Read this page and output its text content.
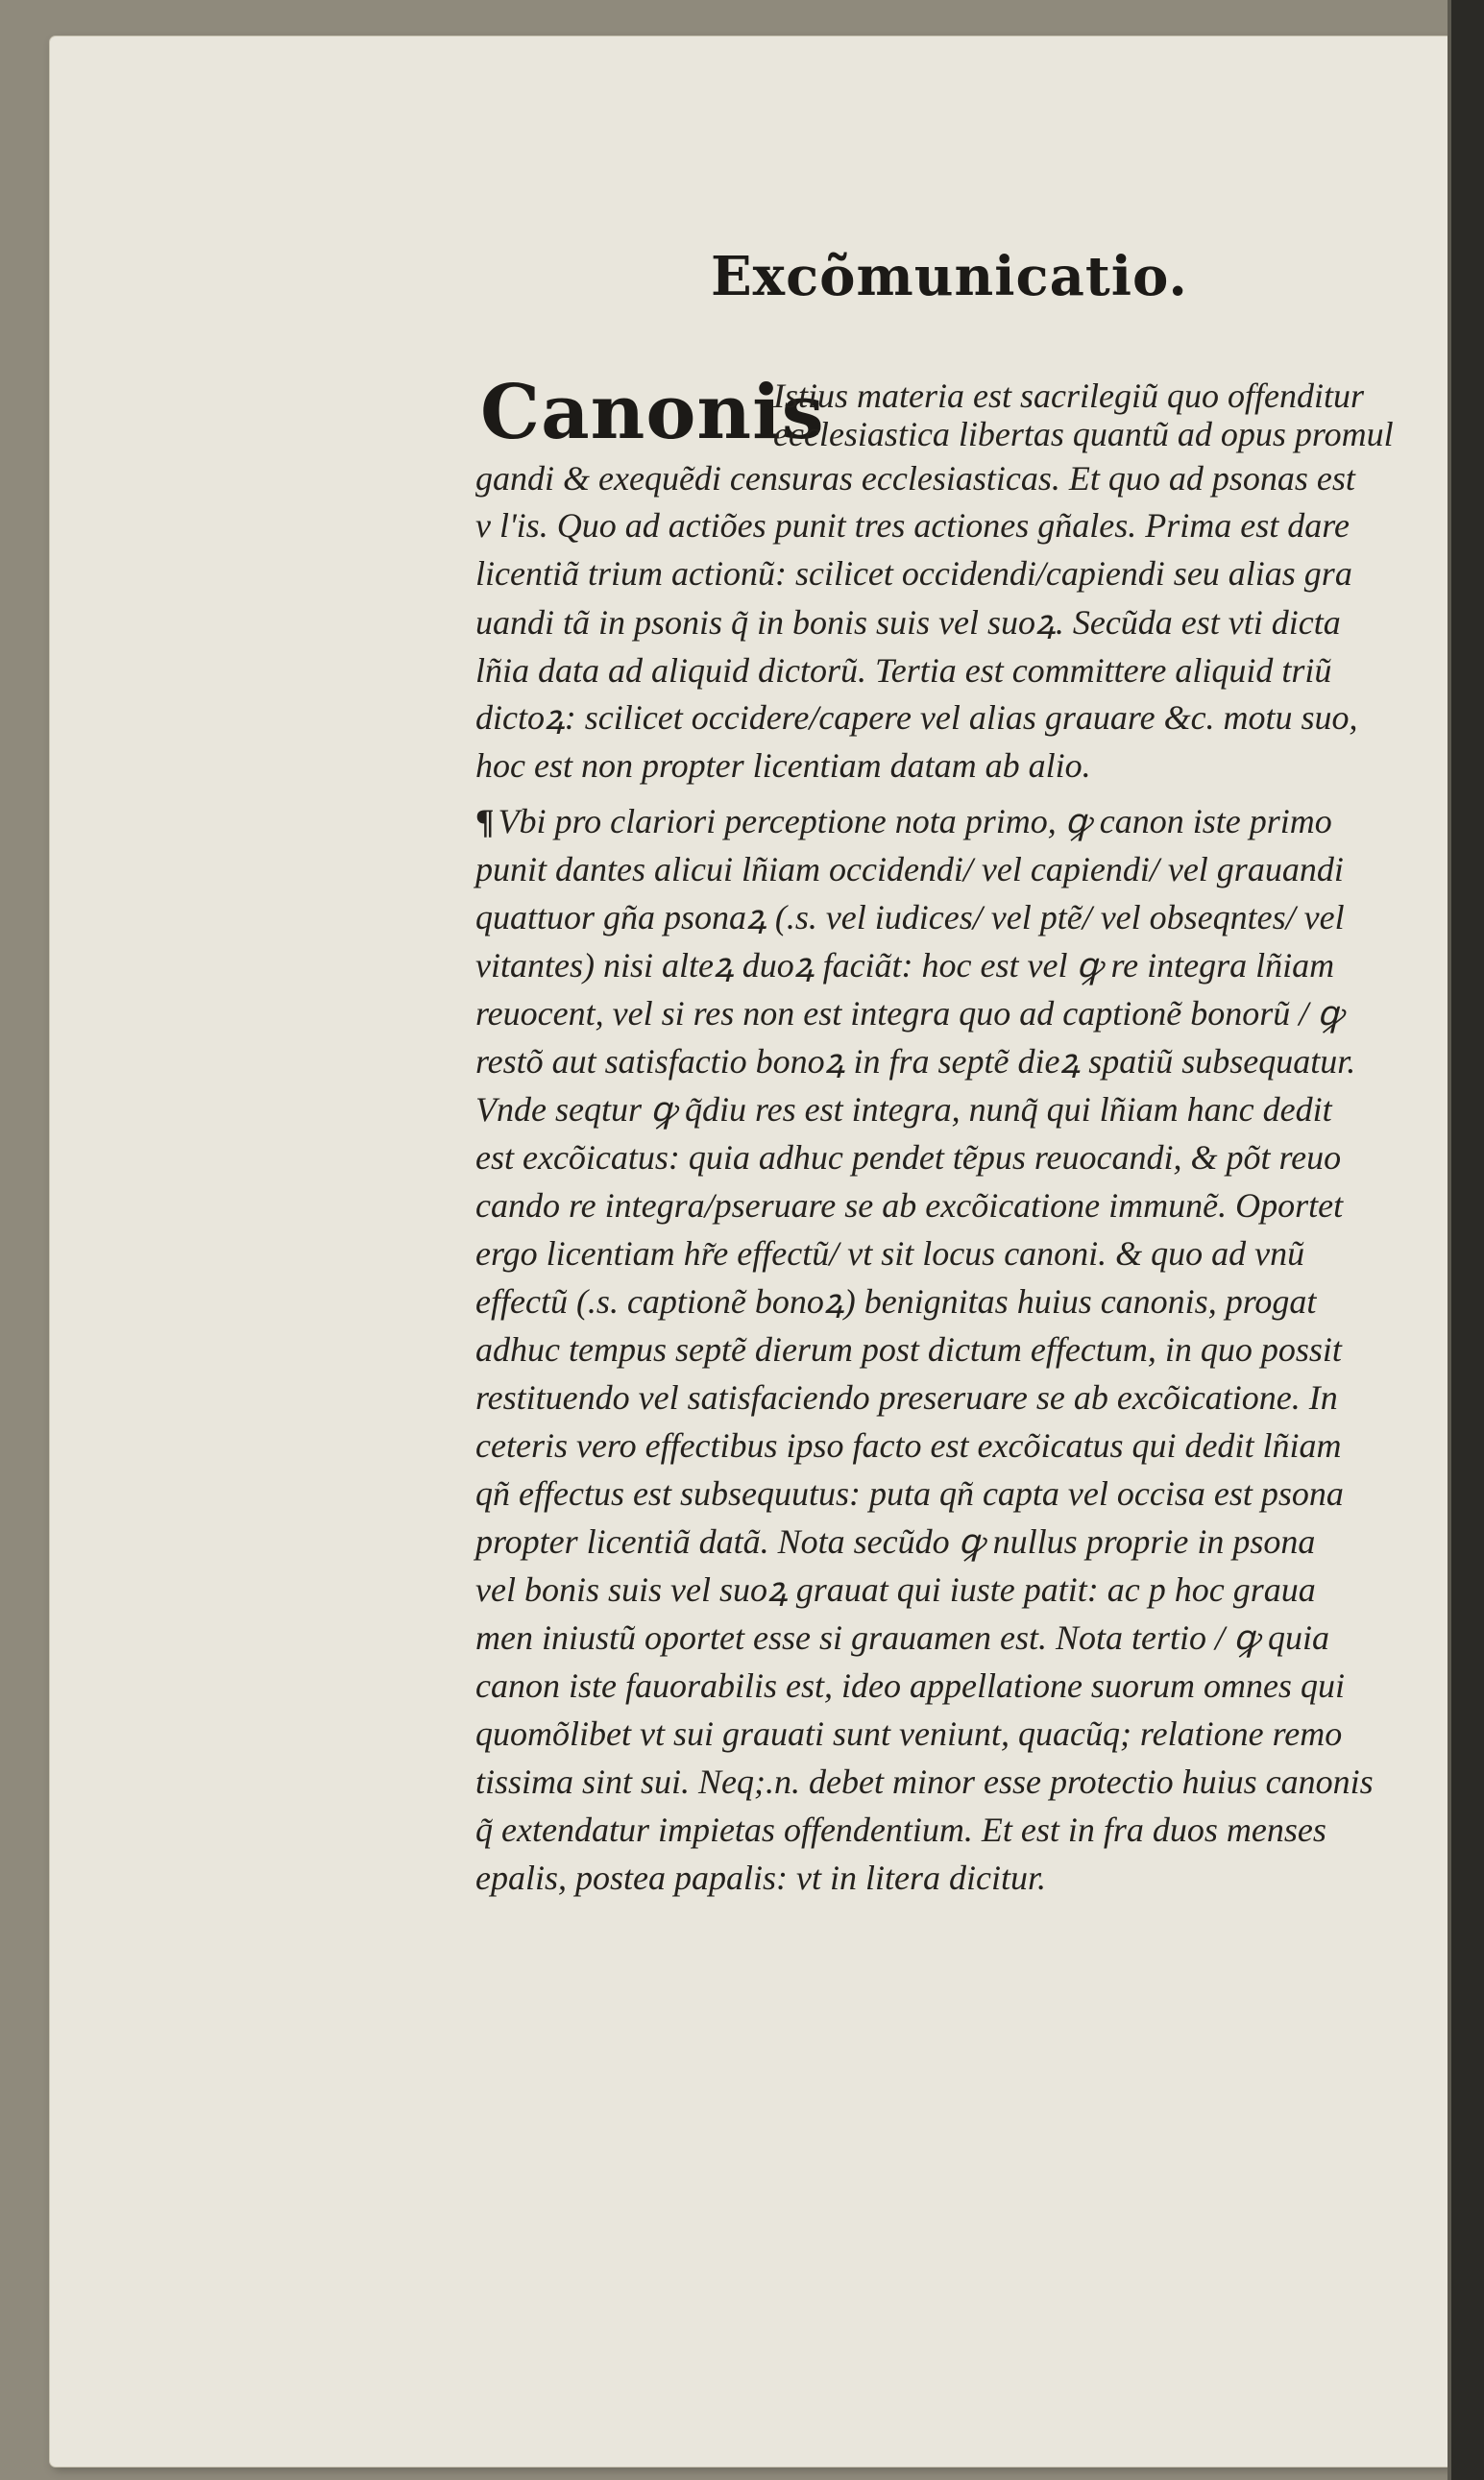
Excõmunicatio.
Canonis
Istius materia e‍st sacrilegiũ quo offenditur
ecclesiastica libertas quantũ ad opus promul
gandi & exequẽdi censuras ecclesiasticas. Et quo ad psonas est
v l'is. Quo ad actiões punit tres actiones gñales. Prima est dare
licentiã trium actionũ: scilicet occidendi/capiendi seu alias gra
uandi tã in psonis q̃ in bonis suis vel suoꝝ. Secũda est vti dicta
lñia data ad aliquid dictorũ. Tertia est committere aliquid triũ
dictoꝝ: scilicet occidere/capere vel alias grauare &c. motu suo,
hoc est non propter licentiam datam ab alio.
¶ Vbi pro clariori perceptione nota primo, ꝙ canon iste primo
punit dantes alicui lñiam occidendi/ vel capiendi/ vel grauandi
quattuor gña psonaꝝ (.s. vel iudices/ vel ptẽ/ vel obseqntes/ vel
vitantes) nisi alteꝝ duoꝝ faciãt: hoc est vel ꝙ re integra lñiam
reuocent, vel si res non est integra quo ad captionẽ bonorũ / ꝙ
restõ aut satisfactio bonoꝝ in fra septẽ dieꝝ spatiũ subsequatur.
Vnde seqtur ꝙ q̃diu res est integra, nunq̃ qui lñiam hanc dedit
est excõicatus: quia adhuc pendet tẽpus reuocandi, & põt reuo
cando re integra/pseruare se ab excõicatione immunẽ. Oportet
ergo licentiam hr̃e effectũ/ vt sit locus canoni. & quo ad vnũ
effectũ (.s. captionẽ bonoꝝ) benignitas huius canonis, progat
adhuc tempus septẽ dierum post dictum effectum, in quo possit
restituendo vel satisfaciendo preseruare se ab excõicatione. In
ceteris vero effectibus ipso facto est excõicatus qui dedit lñiam
qñ effectus est subsequutus: puta qñ capta vel occisa est psona
propter licentiã datã. Nota secũdo ꝙ nullus proprie in psona
vel bonis suis vel suoꝝ grauat qui iuste patit: ac p hoc graua
men iniustũ oportet esse si grauamen est. Nota tertio / ꝙ quia
canon iste fauorabilis est, ideo appellatione suorum omnes qui
quomõlibet vt sui grauati sunt veniunt, quacũq; relatione remo
tissima sint sui. Neq;.n. debet minor esse protectio huius canonis
q̃ extendatur impietas offendentium. Et est in fra duos menses
epalis, postea papalis: vt in litera dicitur.
